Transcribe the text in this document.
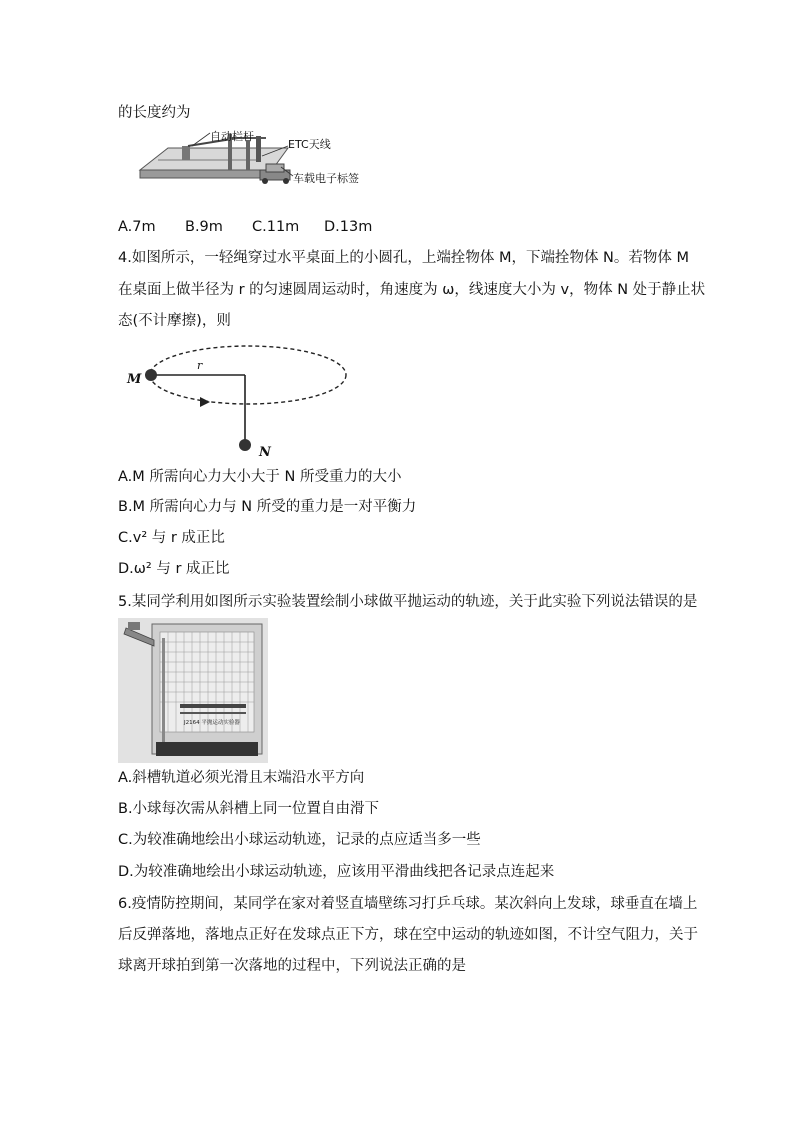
的长度约为
自动栏杆
ETC天线
车载电子标签
A.7m B.9m C.11m D.13m
4.如图所示，一轻绳穿过水平桌面上的小圆孔，上端拴物体 M，下端拴物体 N。若物体 M
在桌面上做半径为 r 的匀速圆周运动时，角速度为 ω，线速度大小为 v，物体 N 处于静止状
态(不计摩擦)，则
M
N
r
A.M 所需向心力大小大于 N 所受重力的大小
B.M 所需向心力与 N 所受的重力是一对平衡力
C.v² 与 r 成正比
D.ω² 与 r 成正比
5.某同学利用如图所示实验装置绘制小球做平抛运动的轨迹，关于此实验下列说法错误的是
J2164 平抛运动实验器
A.斜槽轨道必须光滑且末端沿水平方向
B.小球每次需从斜槽上同一位置自由滑下
C.为较准确地绘出小球运动轨迹，记录的点应适当多一些
D.为较准确地绘出小球运动轨迹，应该用平滑曲线把各记录点连起来
6.疫情防控期间，某同学在家对着竖直墙壁练习打乒乓球。某次斜向上发球，球垂直在墙上
后反弹落地，落地点正好在发球点正下方，球在空中运动的轨迹如图，不计空气阻力，关于
球离开球拍到第一次落地的过程中，下列说法正确的是
